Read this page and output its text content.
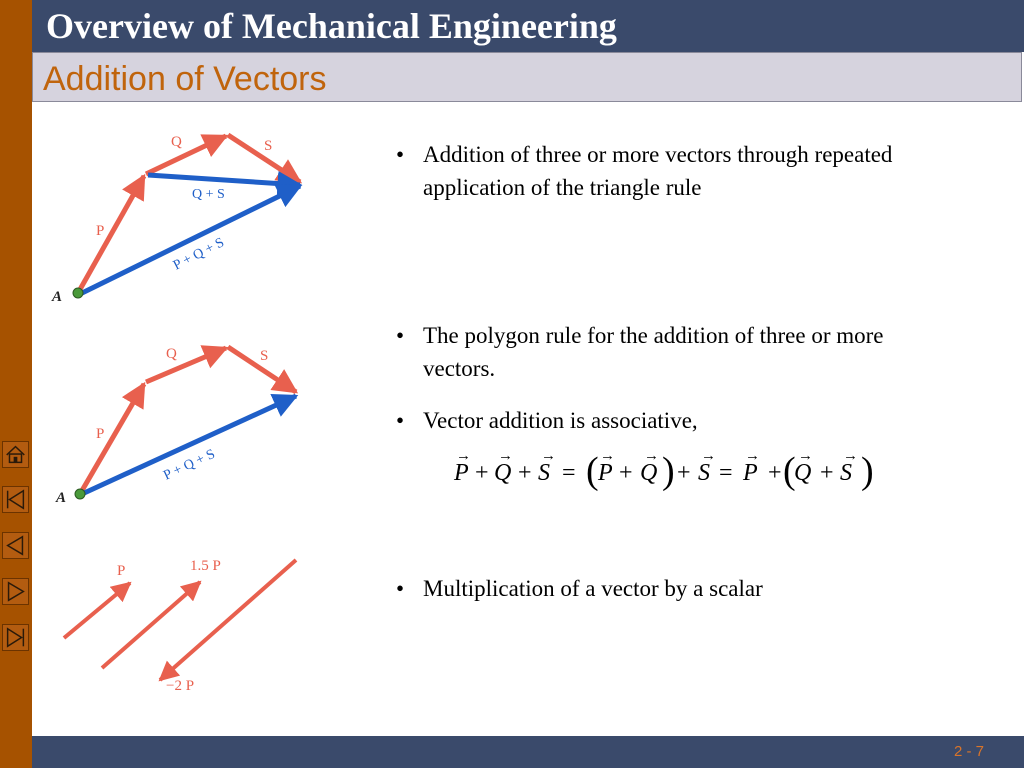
Overview of Mechanical Engineering
Addition of Vectors
P
Q	S
Q + S
P + Q + S
A
P
Q	S
P + Q + S
A
P	1.5 P
−2 P
• Addition of three or more vectors through repeated application of the triangle rule
• The polygon rule for the addition of three or more vectors.
• Vector addition is associative,
• Multiplication of a vector by a scalar
P Q S P Q S P Q S
→ → →	→ →	→ →	→ →
+ + = + + = + +
( )	( )
2 - 7
